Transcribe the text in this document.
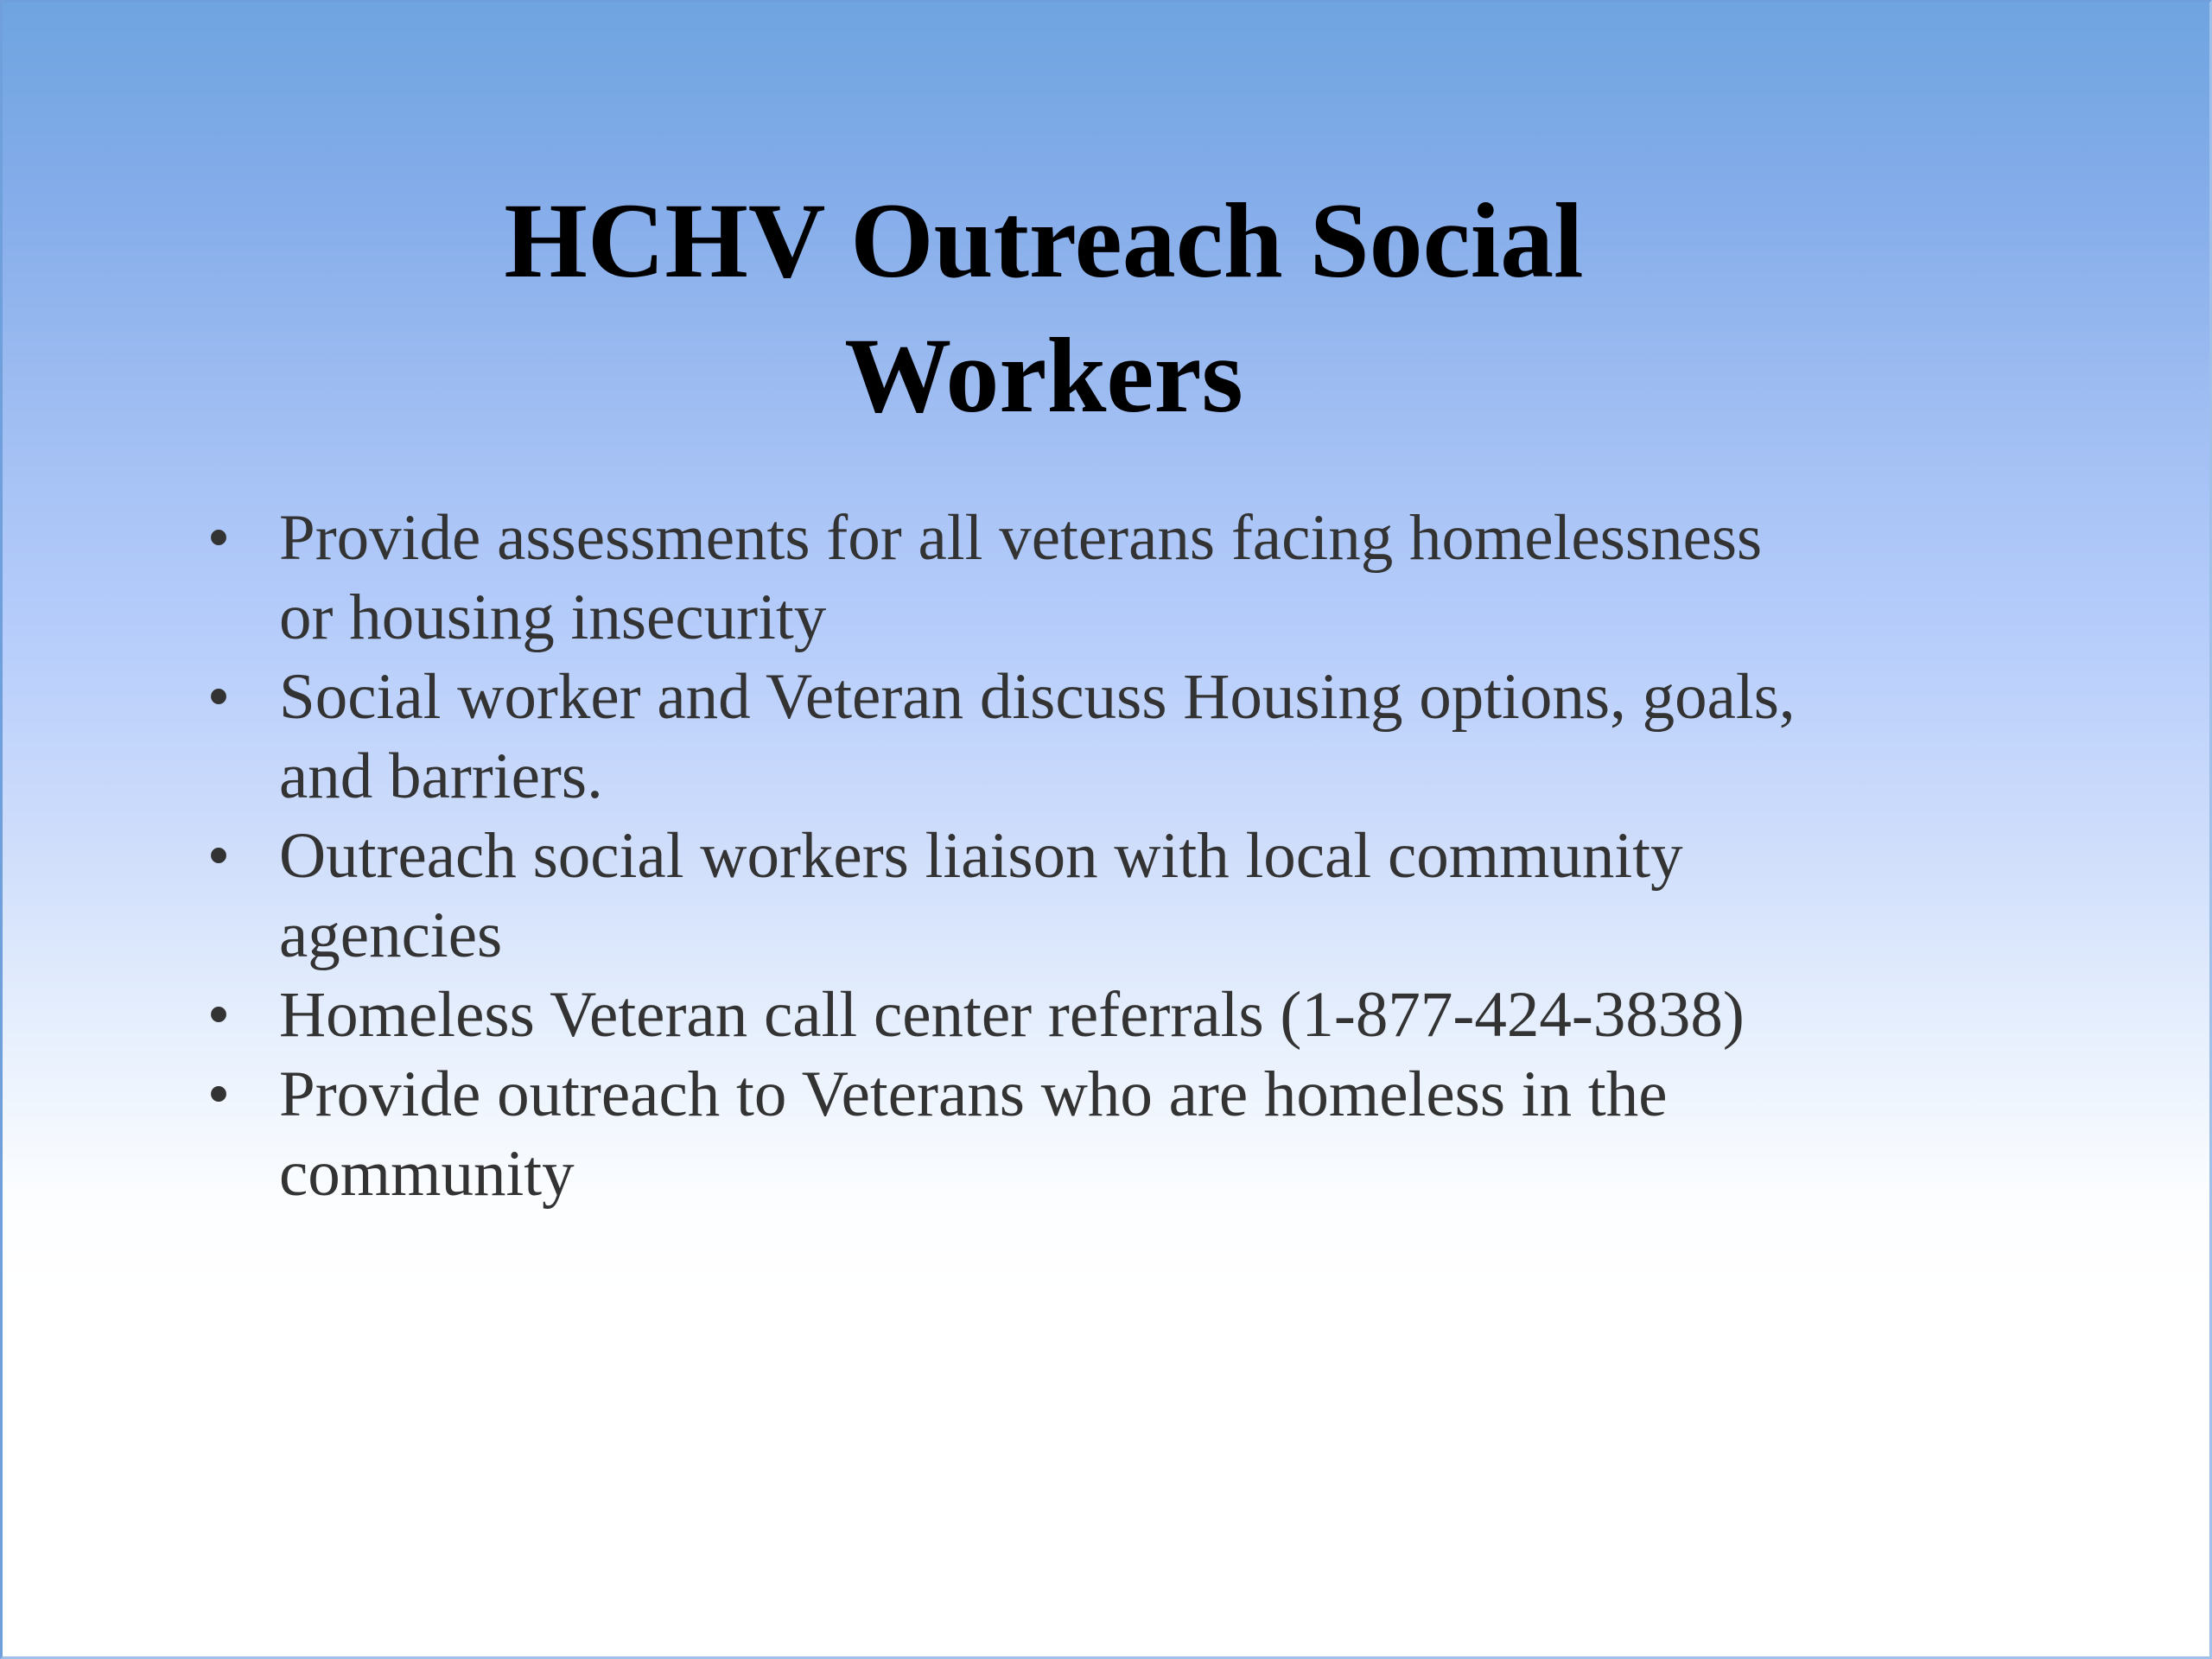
HCHV Outreach Social
Workers
• Provide assessments for all veterans facing homelessness
or housing insecurity
• Social worker and Veteran discuss Housing options, goals,
and barriers.
• Outreach social workers liaison with local community
agencies
• Homeless Veteran call center referrals (1-877-424-3838)
• Provide outreach to Veterans who are homeless in the
community
